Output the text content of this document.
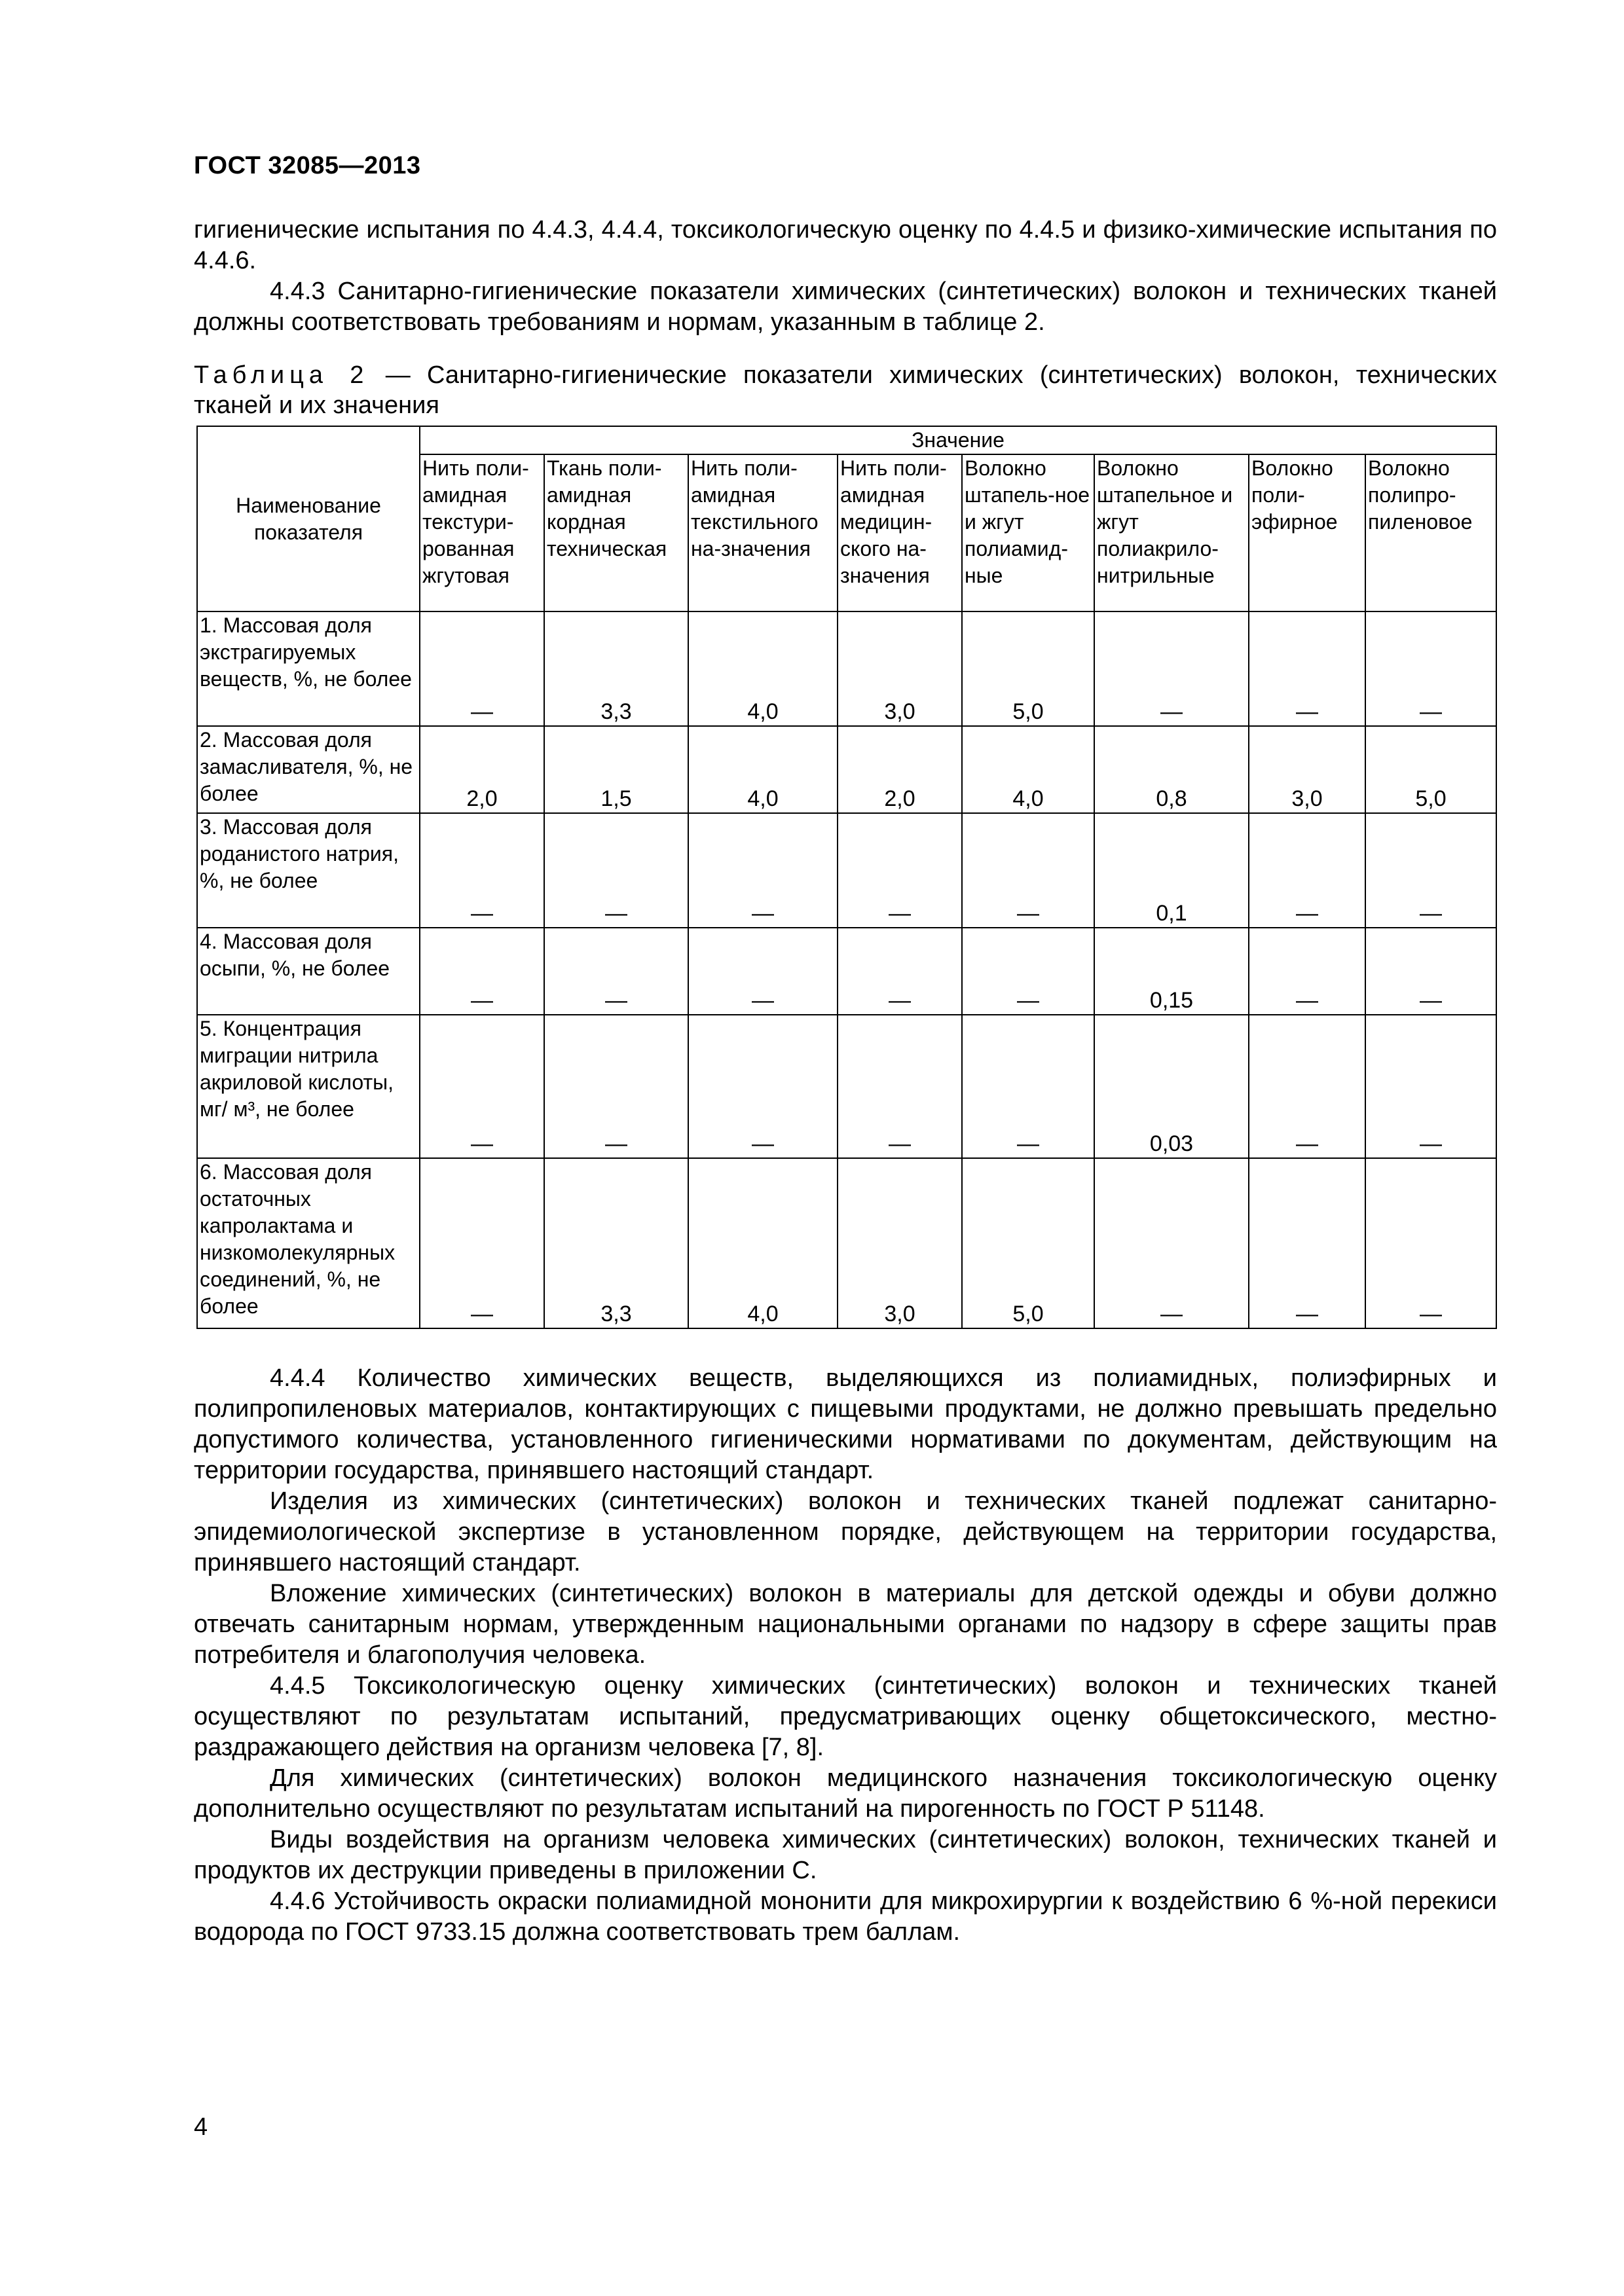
ГОСТ 32085—2013

гигиенические испытания по 4.4.3, 4.4.4, токсикологическую оценку по 4.4.5 и физико-химические испытания по 4.4.6.

4.4.3 Санитарно-гигиенические показатели химических (синтетических) волокон и технических тканей должны соответствовать требованиям и нормам, указанным в таблице 2.

Таблица 2 — Санитарно-гигиенические показатели химических (синтетических) волокон, технических тканей и их значения
Наименование показателя	Значение							
	Нить поли-амидная текстури-рованная жгутовая	Ткань поли-амидная кордная техническая	Нить поли-амидная текстильного на-значения	Нить поли-амидная медицин-ского на-значения	Волокно штапель-ное и жгут полиамид-ные	Волокно штапельное и жгут полиакрило-нитрильные	Волокно поли-эфирное	Волокно полипро-пиленовое
1. Массовая доля экстрагируемых веществ, %, не более	—	3,3	4,0	3,0	5,0	—	—	—
2. Массовая доля замасливателя, %, не более	2,0	1,5	4,0	2,0	4,0	0,8	3,0	5,0
3. Массовая доля роданистого натрия, %, не более	—	—	—	—	—	0,1	—	—
4. Массовая доля осыпи, %, не более	—	—	—	—	—	0,15	—	—
5. Концентрация миграции нитрила акриловой кислоты, мг/ м³, не более	—	—	—	—	—	0,03	—	—
6. Массовая доля остаточных капролактама и низкомолекулярных соединений, %, не более	—	3,3	4,0	3,0	5,0	—	—	—

4.4.4 Количество химических веществ, выделяющихся из полиамидных, полиэфирных и полипропиленовых материалов, контактирующих с пищевыми продуктами, не должно превышать предельно допустимого количества, установленного гигиеническими нормативами по документам, действующим на территории государства, принявшего настоящий стандарт.

Изделия из химических (синтетических) волокон и технических тканей подлежат санитарно-эпидемиологической экспертизе в установленном порядке, действующем на территории государства, принявшего настоящий стандарт.

Вложение химических (синтетических) волокон в материалы для детской одежды и обуви должно отвечать санитарным нормам, утвержденным национальными органами по надзору в сфере защиты прав потребителя и благополучия человека.

4.4.5 Токсикологическую оценку химических (синтетических) волокон и технических тканей осуществляют по результатам испытаний, предусматривающих оценку общетоксического, местно-раздражающего действия на организм человека [7, 8].

Для химических (синтетических) волокон медицинского назначения токсикологическую оценку дополнительно осуществляют по результатам испытаний на пирогенность по ГОСТ Р 51148.

Виды воздействия на организм человека химических (синтетических) волокон, технических тканей и продуктов их деструкции приведены в приложении С.

4.4.6 Устойчивость окраски полиамидной мононити для микрохирургии к воздействию 6 %-ной перекиси водорода по ГОСТ 9733.15 должна соответствовать трем баллам.

4
